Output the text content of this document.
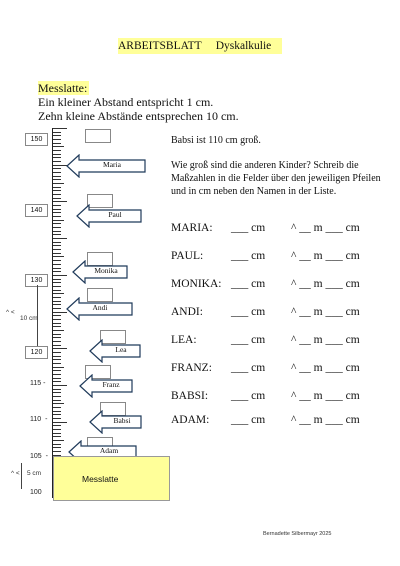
ARBEITSBLATT Dyskalkulie
Messlatte:
Ein kleiner Abstand entspricht 1 cm.
Zehn kleine Abstände entsprechen 10 cm.
150
140
130
120
115 -
110 -
105 -
100
10 cm
^ <
5 cm
^ <
Maria
Paul
Monika
Andi
Lea
Franz
Babsi
Adam
Messlatte
Babsi ist 110 cm groß.
Wie groß sind die anderen Kinder? Schreib die Maßzahlen in die Felder über den jeweiligen Pfeilen und in cm neben den Namen in der Liste.
MARIA: ___ cm ^ __ m ___ cm
PAUL: ___ cm ^ __ m ___ cm
MONIKA: ___ cm ^ __ m ___ cm
ANDI: ___ cm ^ __ m ___ cm
LEA:	___ cm ^ __ m ___ cm
FRANZ: ___ cm ^ __ m ___ cm
BABSI: ___ cm ^ __ m ___ cm
ADAM: ___ cm ^ __ m ___ cm
Bernadette Silbermayr 2025
